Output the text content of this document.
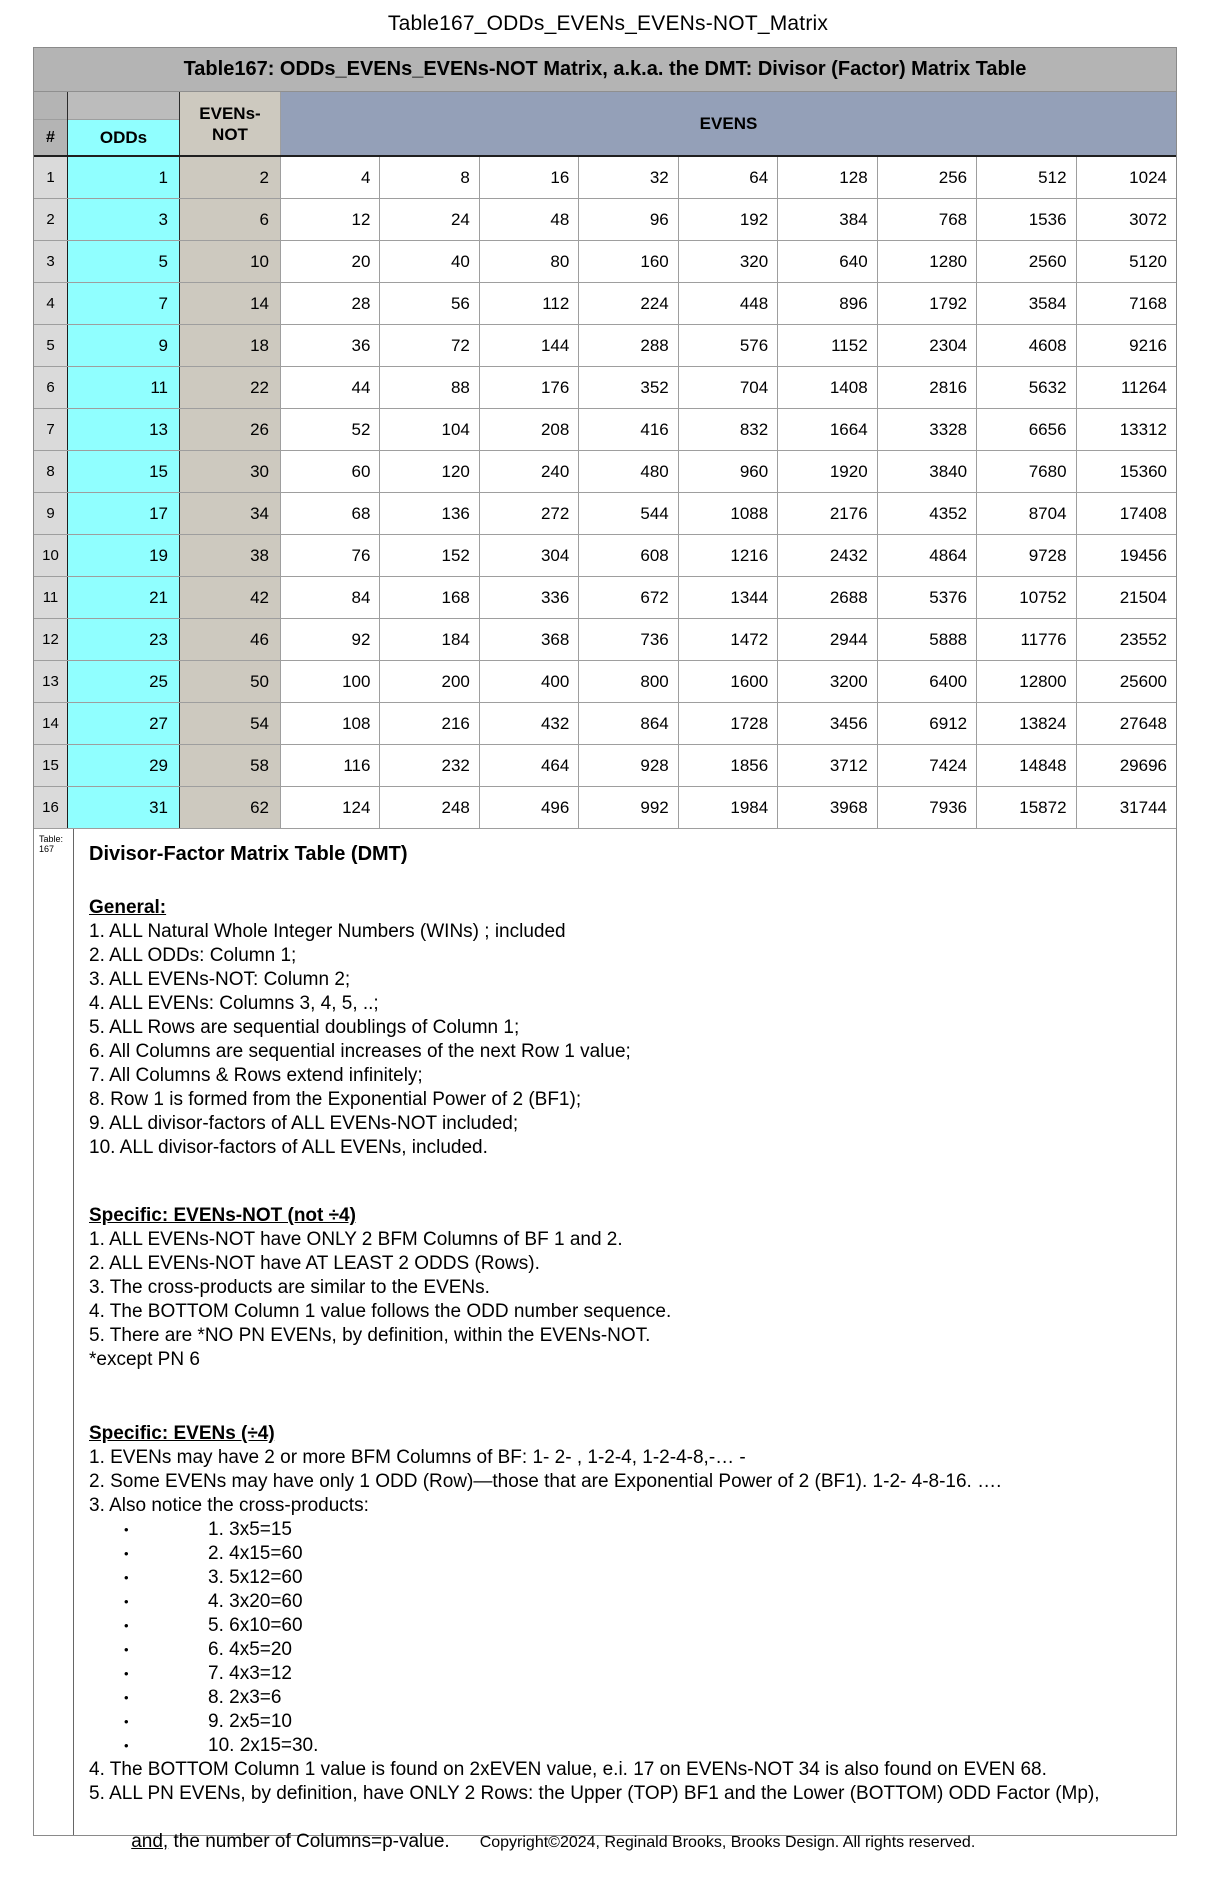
Table167_ODDs_EVENs_EVENs-NOT_Matrix
Table167: ODDs_EVENs_EVENs-NOT Matrix, a.k.a. the DMT: Divisor (Factor) Matrix Table
#	ODDs
EVENs-
NOT
EVENS
1	1	2	4	8	16	32	64	128	256	512	1024
2	3	6	12	24	48	96	192	384	768	1536	3072
3	5	10	20	40	80	160	320	640	1280	2560	5120
4	7	14	28	56	112	224	448	896	1792	3584	7168
5	9	18	36	72	144	288	576	1152	2304	4608	9216
6	11	22	44	88	176	352	704	1408	2816	5632	11264
7	13	26	52	104	208	416	832	1664	3328	6656	13312
8	15	30	60	120	240	480	960	1920	3840	7680	15360
9	17	34	68	136	272	544	1088	2176	4352	8704	17408
10	19	38	76	152	304	608	1216	2432	4864	9728	19456
11	21	42	84	168	336	672	1344	2688	5376	10752	21504
12	23	46	92	184	368	736	1472	2944	5888	11776	23552
13	25	50	100	200	400	800	1600	3200	6400	12800	25600
14	27	54	108	216	432	864	1728	3456	6912	13824	27648
15	29	58	116	232	464	928	1856	3712	7424	14848	29696
16	31	62	124	248	496	992	1984	3968	7936	15872	31744
Table:
167	Divisor-Factor Matrix Table (DMT)
General:
1. ALL Natural Whole Integer Numbers (WINs) ; included
2. ALL ODDs: Column 1;
3. ALL EVENs-NOT: Column 2;
4. ALL EVENs: Columns 3, 4, 5, ..;
5. ALL Rows are sequential doublings of Column 1;
6. All Columns are sequential increases of the next Row 1 value;
7. All Columns & Rows extend infinitely;
8. Row 1 is formed from the Exponential Power of 2 (BF1);
9. ALL divisor-factors of ALL EVENs-NOT included;
10. ALL divisor-factors of ALL EVENs, included.
Specific: EVENs-NOT (not ÷4)
1. ALL EVENs-NOT have ONLY 2 BFM Columns of BF 1 and 2.
2. ALL EVENs-NOT have AT LEAST 2 ODDS (Rows).
3. The cross-products are similar to the EVENs.
4. The BOTTOM Column 1 value follows the ODD number sequence.
5. There are *NO PN EVENs, by definition, within the EVENs-NOT.
*except PN 6
Specific: EVENs (÷4)
1. EVENs may have 2 or more BFM Columns of BF: 1- 2- , 1-2-4, 1-2-4-8,-… -
2. Some EVENs may have only 1 ODD (Row)—those that are Exponential Power of 2 (BF1). 1-2- 4-8-16. ….
3. Also notice the cross-products:
•	1. 3x5=15
•	2. 4x15=60
•	3. 5x12=60
•	4. 3x20=60
•	5. 6x10=60
•	6. 4x5=20
•	7. 4x3=12
•	8. 2x3=6
•	9. 2x5=10
•	10. 2x15=30.
4. The BOTTOM Column 1 value is found on 2xEVEN value, e.i. 17 on EVENs-NOT 34 is also found on EVEN 68.
5. ALL PN EVENs, by definition, have ONLY 2 Rows: the Upper (TOP) BF1 and the Lower (BOTTOM) ODD Factor (Mp),

and, the number of Columns=p-value. Copyright©2024, Reginald Brooks, Brooks Design. All rights reserved.
